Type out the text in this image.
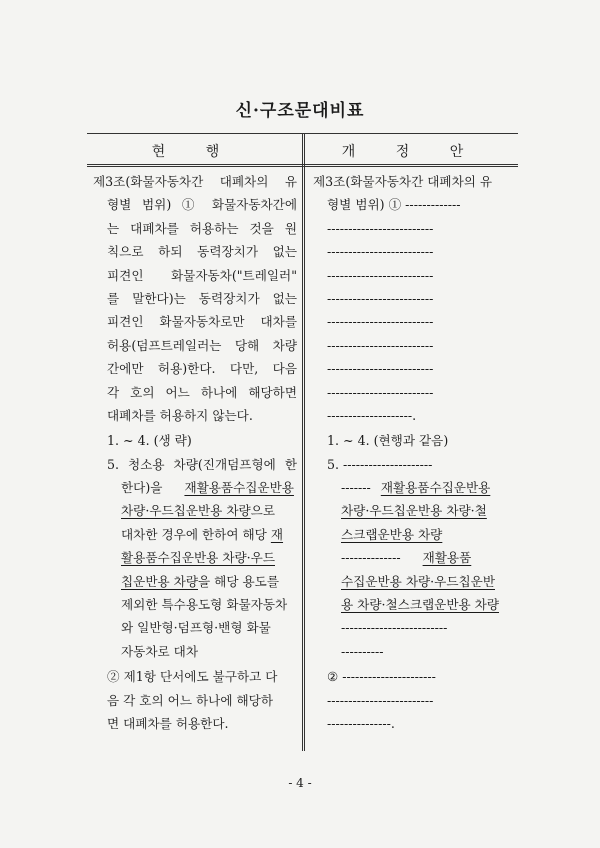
신·구조문대비표
현 행	개 정 안
제3조(화물자동차간 대폐차의 유
형별 범위) ① 화물자동차간에
는 대폐차를 허용하는 것을 원
칙으로 하되 동력장치가 없는
피견인 화물자동차("트레일러"
를 말한다)는 동력장치가 없는
피견인 화물자동차로만 대차를
허용(덤프트레일러는 당해 차량
간에만 허용)한다. 다만, 다음
각 호의 어느 하나에 해당하면
대폐차를 허용하지 않는다.
1. ~ 4. (생 략)
5. 청소용 차량(진개덤프형에 한
한다)을 재활용품수집운반용
차량·우드칩운반용 차량으로
대차한 경우에 한하여 해당 재
활용품수집운반용 차량·우드
칩운반용 차량을 해당 용도를
제외한 특수용도형 화물자동차
와 일반형·덤프형·밴형 화물
자동차로 대차
② 제1항 단서에도 불구하고 다
음 각 호의 어느 하나에 해당하
면 대폐차를 허용한다.
제3조(화물자동차간 대폐차의 유
형별 범위) ① -------------
-------------------------
-------------------------
-------------------------
-------------------------
-------------------------
-------------------------
-------------------------
-------------------------
--------------------.
1. ~ 4. (현행과 같음)
5. ---------------------
------- 재활용품수집운반용
차량·우드칩운반용 차량·철
스크랩운반용 차량
-------------- 재활용품
수집운반용 차량·우드칩운반
용 차량·철스크랩운반용 차량
-------------------------
----------
② ----------------------
-------------------------
---------------.
- 4 -
